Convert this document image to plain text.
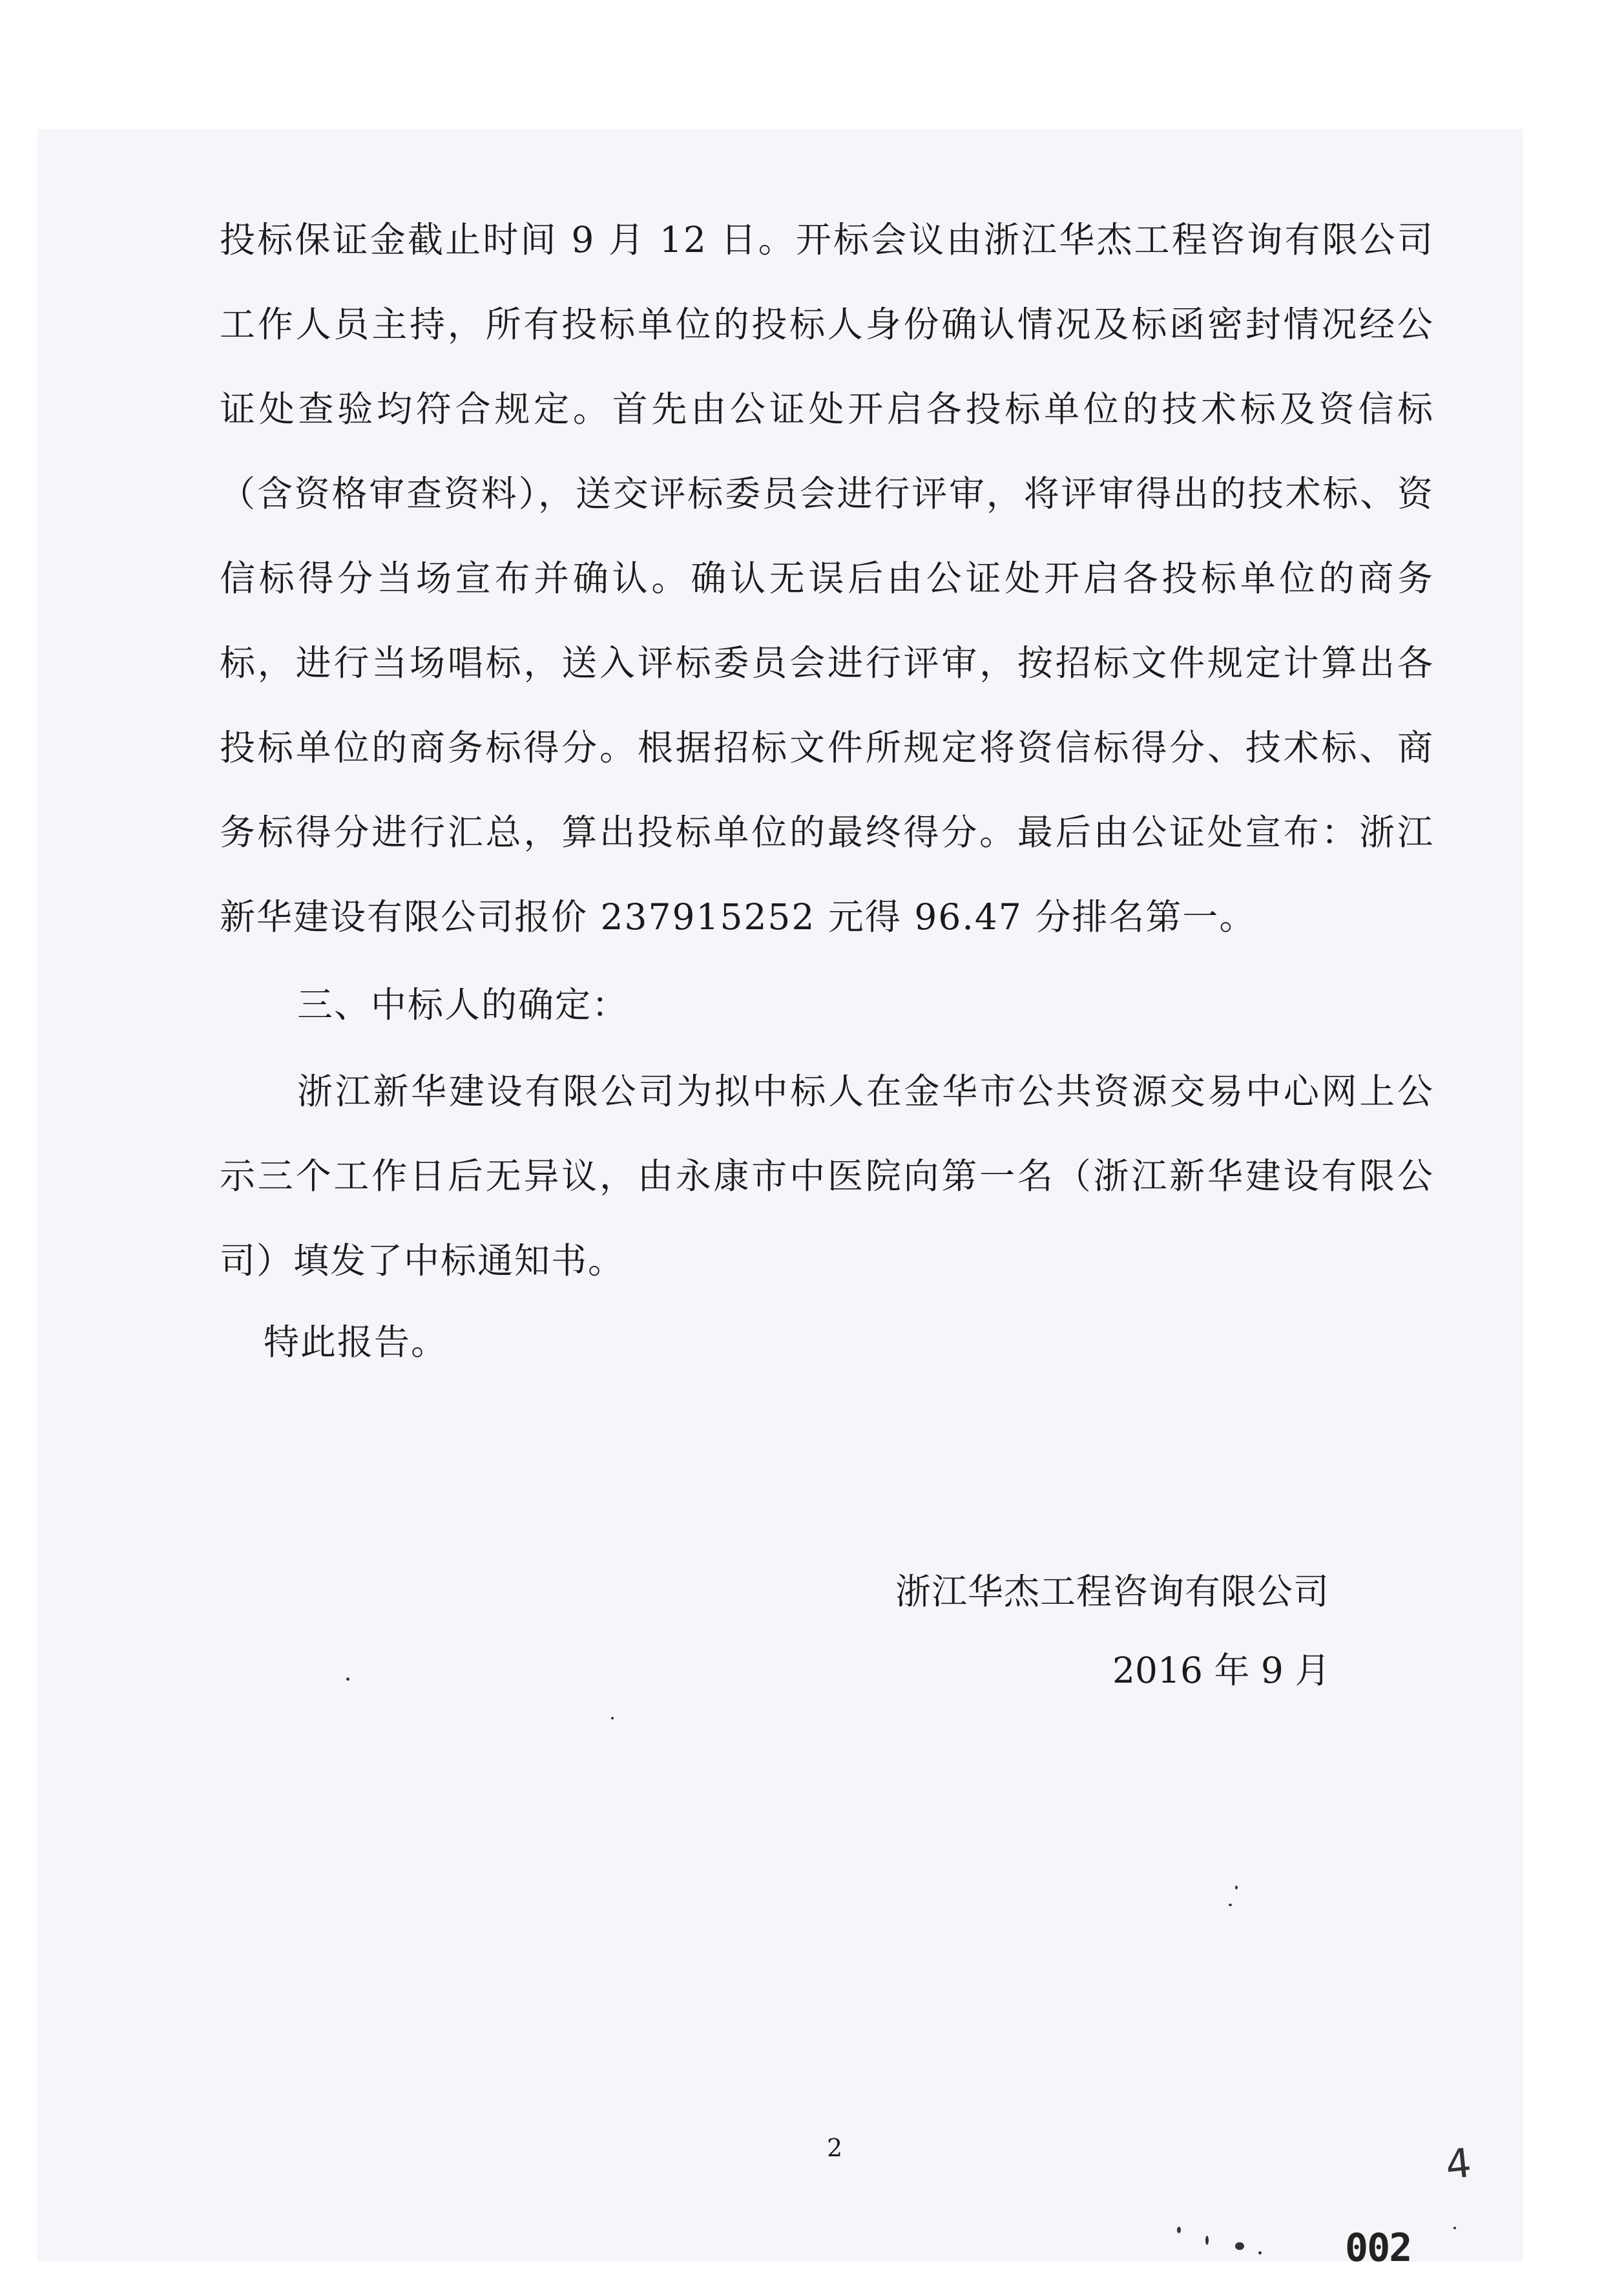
投标保证金截止时间 9 月 12 日。开标会议由浙江华杰工程咨询有限公司工作人员主持，所有投标单位的投标人身份确认情况及标函密封情况经公证处查验均符合规定。首先由公证处开启各投标单位的技术标及资信标（含资格审查资料），送交评标委员会进行评审，将评审得出的技术标、资信标得分当场宣布并确认。确认无误后由公证处开启各投标单位的商务标，进行当场唱标，送入评标委员会进行评审，按招标文件规定计算出各投标单位的商务标得分。根据招标文件所规定将资信标得分、技术标、商务标得分进行汇总，算出投标单位的最终得分。最后由公证处宣布：浙江新华建设有限公司报价 237915252 元得 96.47 分排名第一。

三、中标人的确定：

浙江新华建设有限公司为拟中标人在金华市公共资源交易中心网上公示三个工作日后无异议，由永康市中医院向第一名（浙江新华建设有限公司）填发了中标通知书。

特此报告。
浙江华杰工程咨询有限公司
2016 年 9 月
2	4
002
